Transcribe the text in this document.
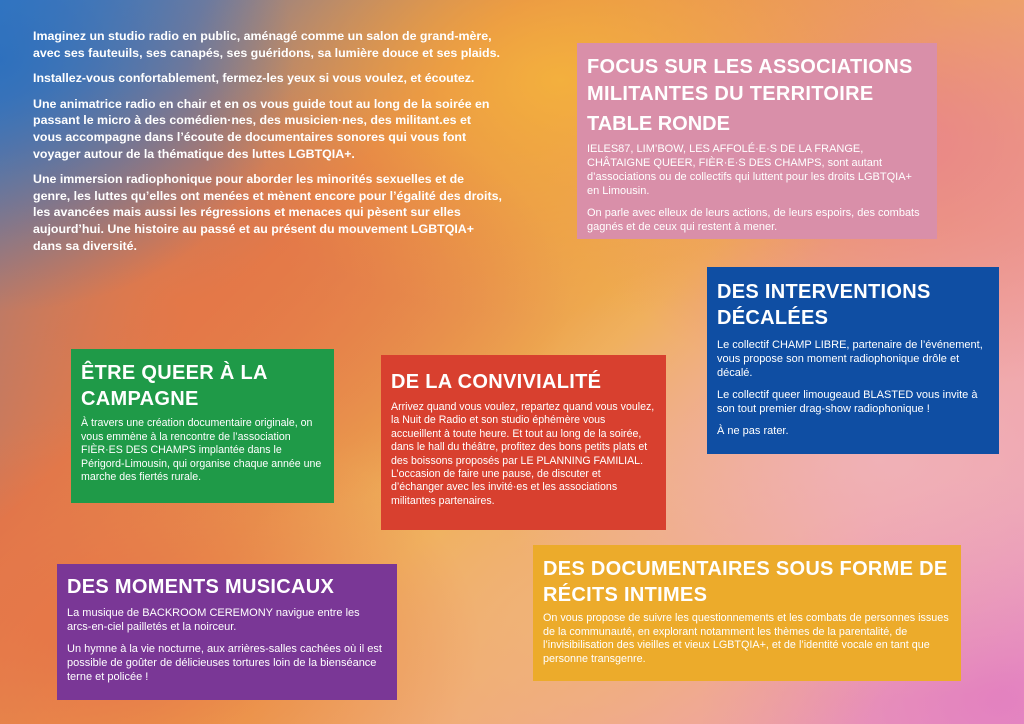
Imaginez un studio radio en public, aménagé comme un salon de grand-mère, avec ses fauteuils, ses canapés, ses guéridons, sa lumière douce et ses plaids.

Installez-vous confortablement, fermez-les yeux si vous voulez, et écoutez.

Une animatrice radio en chair et en os vous guide tout au long de la soirée en passant le micro à des comédien·nes, des musicien·nes, des militant.es et vous accompagne dans l’écoute de documentaires sonores qui vous font voyager autour de la thématique des luttes LGBTQIA+.

Une immersion radiophonique pour aborder les minorités sexuelles et de genre, les luttes qu’elles ont menées et mènent encore pour l’égalité des droits, les avancées mais aussi les régressions et menaces qui pèsent sur elles aujourd’hui. Une histoire au passé et au présent du mouvement LGBTQIA+ dans sa diversité.

FOCUS SUR LES ASSOCIATIONS MILITANTES DU TERRITOIRE
TABLE RONDE

IELES87, LIM’BOW, LES AFFOLÉ·E·S DE LA FRANGE, CHÂTAIGNE QUEER, FIÈR·E·S DES CHAMPS, sont autant d’associations ou de collectifs qui luttent pour les droits LGBTQIA+ en Limousin.

On parle avec elleux de leurs actions, de leurs espoirs, des combats gagnés et de ceux qui restent à mener.

DES INTERVENTIONS DÉCALÉES

Le collectif CHAMP LIBRE, partenaire de l’événement, vous propose son moment radiophonique drôle et décalé.

Le collectif queer limougeaud BLASTED vous invite à son tout premier drag-show radiophonique !

À ne pas rater.

ÊTRE QUEER À LA CAMPAGNE

À travers une création documentaire originale, on vous emmène à la rencontre de l’association FIÈR·ES DES CHAMPS implantée dans le Périgord-Limousin, qui organise chaque année une marche des fiertés rurale.

DE LA CONVIVIALITÉ

Arrivez quand vous voulez, repartez quand vous voulez, la Nuit de Radio et son studio éphémère vous accueillent à toute heure. Et tout au long de la soirée, dans le hall du théâtre, profitez des bons petits plats et des boissons proposés par LE PLANNING FAMILIAL. L’occasion de faire une pause, de discuter et d’échanger avec les invité·es et les associations militantes partenaires.

DES MOMENTS MUSICAUX

La musique de BACKROOM CEREMONY navigue entre les arcs-en-ciel pailletés et la noirceur.

Un hymne à la vie nocturne, aux arrières-salles cachées où il est possible de goûter de délicieuses tortures loin de la bienséance terne et policée !

DES DOCUMENTAIRES SOUS FORME DE RÉCITS INTIMES

On vous propose de suivre les questionnements et les combats de personnes issues de la communauté, en explorant notamment les thèmes de la parentalité, de l’invisibilisation des vieilles et vieux LGBTQIA+, et de l’identité vocale en tant que personne transgenre.
